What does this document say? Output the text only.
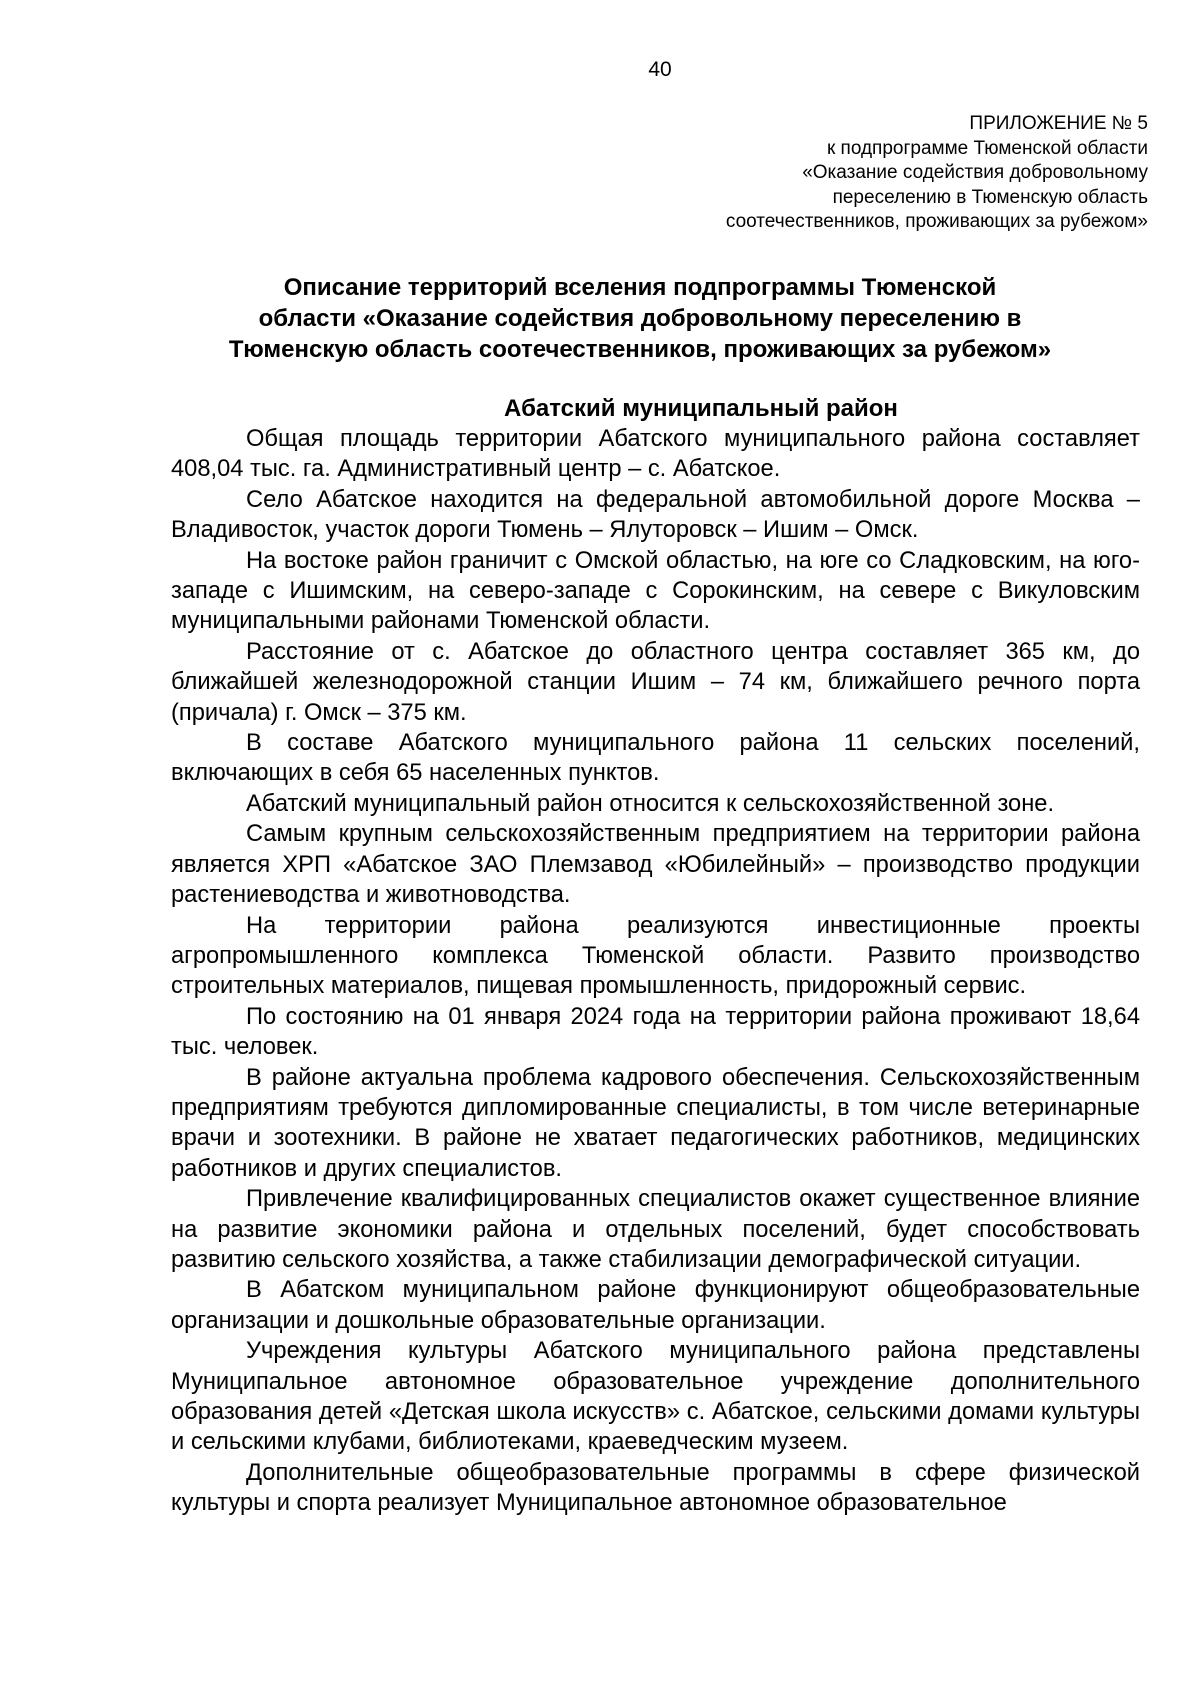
40
ПРИЛОЖЕНИЕ № 5
к подпрограмме Тюменской области
«Оказание содействия добровольному
переселению в Тюменскую область
соотечественников, проживающих за рубежом»
Описание территорий вселения подпрограммы Тюменской
области «Оказание содействия добровольному переселению в
Тюменскую область соотечественников, проживающих за рубежом»
Абатский муниципальный район

Общая площадь территории Абатского муниципального района составляет 408,04 тыс. га. Административный центр – с. Абатское.

Село Абатское находится на федеральной автомобильной дороге Москва – Владивосток, участок дороги Тюмень – Ялуторовск – Ишим – Омск.

На востоке район граничит с Омской областью, на юге со Сладковским, на юго-западе с Ишимским, на северо-западе с Сорокинским, на севере с Викуловским муниципальными районами Тюменской области.

Расстояние от с. Абатское до областного центра составляет 365 км, до ближайшей железнодорожной станции Ишим – 74 км, ближайшего речного порта (причала) г. Омск – 375 км.

В составе Абатского муниципального района 11 сельских поселений, включающих в себя 65 населенных пунктов.

Абатский муниципальный район относится к сельскохозяйственной зоне.

Самым крупным сельскохозяйственным предприятием на территории района является ХРП «Абатское ЗАО Племзавод «Юбилейный» – производство продукции растениеводства и животноводства.

На территории района реализуются инвестиционные проекты агропромышленного комплекса Тюменской области. Развито производство строительных материалов, пищевая промышленность, придорожный сервис.

По состоянию на 01 января 2024 года на территории района проживают 18,64 тыс. человек.

В районе актуальна проблема кадрового обеспечения. Сельскохозяйственным предприятиям требуются дипломированные специалисты, в том числе ветеринарные врачи и зоотехники. В районе не хватает педагогических работников, медицинских работников и других специалистов.

Привлечение квалифицированных специалистов окажет существенное влияние на развитие экономики района и отдельных поселений, будет способствовать развитию сельского хозяйства, а также стабилизации демографической ситуации.

В Абатском муниципальном районе функционируют общеобразовательные организации и дошкольные образовательные организации.

Учреждения культуры Абатского муниципального района представлены Муниципальное автономное образовательное учреждение дополнительного образования детей «Детская школа искусств» с. Абатское, сельскими домами культуры и сельскими клубами, библиотеками, краеведческим музеем.

Дополнительные общеобразовательные программы в сфере физической культуры и спорта реализует Муниципальное автономное образовательное
